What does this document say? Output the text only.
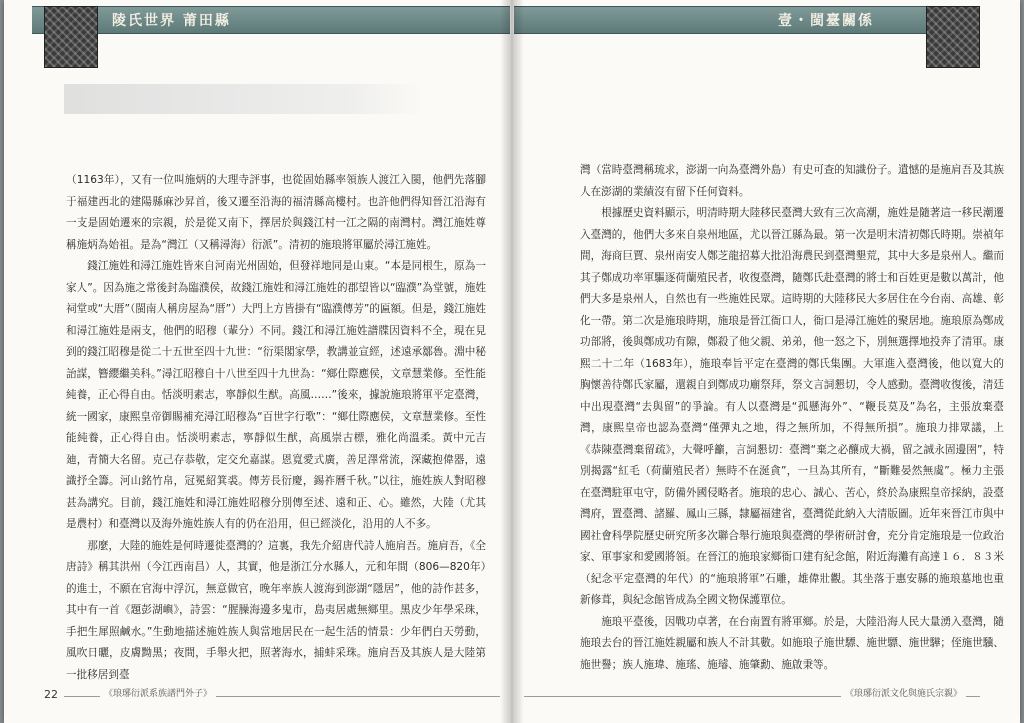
陵氏世界 莆田縣

（1163年），又有一位叫施炳的大理寺評事，也從固始縣率領族人渡江入閩，他們先落腳于福建西北的建陽縣麻沙昇首，後又遷至沿海的福清縣高樓村。也許他們得知晉江沿海有一支是固始遷來的宗親，於是從又南下，擇居於與錢江村一江之隔的南灣村。灣江施姓尊稱施炳為始祖。是為“灣江（又稱潯海）衍派”。清初的施琅將軍屬於潯江施姓。

錢江施姓和潯江施姓皆來自河南光州固始，但發祥地同是山東。“本是同根生，原為一家人”。因為施之常後封為臨濮侯，故錢江施姓和潯江施姓的郡望皆以“臨濮”為堂號，施姓祠堂或“大厝”（閩南人稱房屋為“厝”）大門上方皆掛有“臨濮傳芳”的匾額。但是，錢江施姓和潯江施姓是兩支，他們的昭穆（輩分）不同。錢江和潯江施姓譜牒因資料不全，現在見到的錢江昭穆是從二十五世至四十九世：“衍渠閣家學，教講並宣經，述遠承鄒魯。淵中秘詒謀，簪纓繼美科。”潯江昭穆自十八世至四十九世為：“鄉仕際應侯，文章慧業修。至性能純養，正心得自由。恬淡明素志，寧靜似生猷。高風……”後來，據說施琅將軍平定臺灣，統一國家，康熙皇帝御賜補充潯江昭穆為“百世字行歌”：“鄉仕際應侯，文章慧業修。至性能純養，正心得自由。恬淡明素志，寧靜似生猷，高風崇古標，雅化尚溫柔。黃中元吉廸，青簡大名留。克己存恭敬，定交允嘉謀。恩寬愛式廣，善足澤常流，深藏抱偉器，遠識抒全籌。河山銘竹帛，冠冕紹箕裘。傳芳長衍慶，錫祚曆千秋。”以往，施姓族人對昭穆甚為講究。目前，錢江施姓和潯江施姓昭穆分別傳至述、遠和正、心。雖然，大陸（尤其是農村）和臺灣以及海外施姓族人有的仍在沿用，但已經淡化，沿用的人不多。

那麼，大陸的施姓是何時遷徙臺灣的？這裏，我先介紹唐代詩人施肩吾。施肩吾，《全唐詩》稱其洪州（今江西南昌）人，其實，他是浙江分水縣人，元和年間（806—820年）的進士，不願在官海中浮沉，無意做官，晚年率族人渡海到澎湖“隱居”，他的詩作甚多，其中有一首《題彭湖嶼》，詩雲：“腥臊海邊多鬼市，島夷居處無鄉里。黑皮少年學采珠，手把生犀照鹹水。”生動地描述施姓族人與當地居民在一起生活的情景：少年們白天勞動，風吹日曬，皮膚黝黑；夜間，手舉火把，照著海水，捕蚌采珠。施肩吾及其族人是大陸第一批移居到臺

《琅琊衍派系族譜門外子》
22
壹・閩臺關係

灣（當時臺灣稱琉求，澎湖一向為臺灣外島）有史可查的知識份子。遺憾的是施肩吾及其族人在澎湖的業績沒有留下任何資料。

根據歷史資料顯示，明清時期大陸移民臺灣大致有三次高潮，施姓是隨著這一移民潮遷入臺灣的，他們大多來自泉州地區，尤以晉江縣為最。第一次是明末清初鄭氏時期。崇禎年間，海商巨賈、泉州南安人鄭芝龍招募大批沿海農民到臺灣墾荒，其中大多是泉州人。繼而其子鄭成功率軍驅逐荷蘭殖民者，收復臺灣，隨鄭氏赴臺灣的將士和百姓更是數以萬計，他們大多是泉州人，自然也有一些施姓民眾。這時期的大陸移民大多居住在今台南、高雄、彰化一帶。第二次是施琅時期，施琅是晉江衙口人，衙口是潯江施姓的聚居地。施琅原為鄭成功部將，後與鄭成功有隙，鄭殺了他父親、弟弟，他一怒之下，別無選擇地投奔了清軍。康熙二十二年（1683年），施琅奉旨平定在臺灣的鄭氏集團。大軍進入臺灣後，他以寬大的胸懷善待鄭氏家屬，還親自到鄭成功廟祭拜，祭文言詞懇切，令人感動。臺灣收復後，清廷中出現臺灣“去與留”的爭論。有人以臺灣是“孤懸海外”、“鞭長莫及”為名，主張放棄臺灣，康熙皇帝也認為臺灣“僅彈丸之地，得之無所加，不得無所損”。施琅力排眾議，上《恭陳臺灣棄留疏》，大聲呼籲，言詞懇切：臺灣“棄之必釀成大禍，留之誠永固邊圉”，特別揭露“紅毛（荷蘭殖民者）無時不在涎貪”，一旦為其所有，“斷難晏然無虞”。極力主張在臺灣駐軍屯守，防備外國侵略者。施琅的忠心、誠心、苦心，終於為康熙皇帝採納，設臺灣府，置臺灣、諸羅、鳳山三縣，隸屬福建省，臺灣從此納入大清版圖。近年來晉江市與中國社會科學院歷史研究所多次聯合舉行施琅與臺灣的學術研討會，充分肯定施琅是一位政治家、軍事家和愛國將領。在晉江的施琅家鄉衙口建有紀念館，附近海灘有高達１６．８３米（紀念平定臺灣的年代）的“施琅將軍”石雕，雄偉壯觀。其坐落于惠安縣的施琅墓地也重新修葺，與紀念館皆成為全國文物保護單位。

施琅平臺後，因戰功卓著，在台南置有將軍鄉。於是，大陸沿海人民大量湧入臺灣，隨施琅去台的晉江施姓親屬和族人不計其數。如施琅子施世驃、施世驃、施世驊；侄施世驥、施世譽；族人施瑋、施瑤、施璿、施肇勳、施啟秉等。

《琅琊衍派文化與施氏宗親》
